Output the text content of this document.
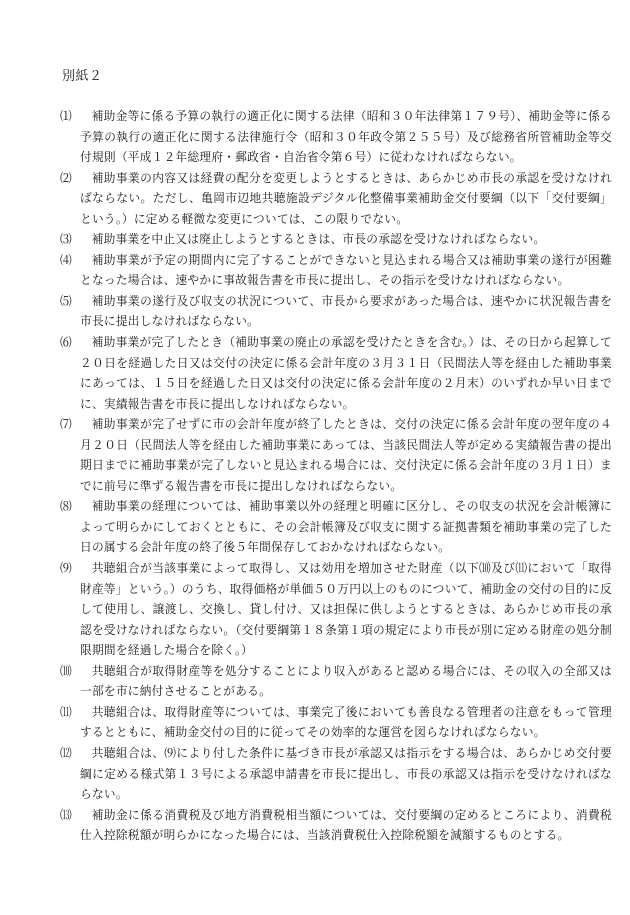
別紙２
⑴	補助金等に係る予算の執行の適正化に関する法律（昭和３０年法律第１７９号）、補助金等に係る予算の執行の適正化に関する法律施行令（昭和３０年政令第２５５号）及び総務省所管補助金等交付規則（平成１２年総理府・郵政省・自治省令第６号）に従わなければならない。
⑵	補助事業の内容又は経費の配分を変更しようとするときは、あらかじめ市長の承認を受けなければならない。ただし、亀岡市辺地共聴施設デジタル化整備事業補助金交付要綱（以下「交付要綱」という。）に定める軽微な変更については、この限りでない。
⑶	補助事業を中止又は廃止しようとするときは、市長の承認を受けなければならない。
⑷	補助事業が予定の期間内に完了することができないと見込まれる場合又は補助事業の遂行が困難となった場合は、速やかに事故報告書を市長に提出し、その指示を受けなければならない。
⑸	補助事業の遂行及び収支の状況について、市長から要求があった場合は、速やかに状況報告書を市長に提出しなければならない。
⑹	補助事業が完了したとき（補助事業の廃止の承認を受けたときを含む。）は、その日から起算して２０日を経過した日又は交付の決定に係る会計年度の３月３１日（民間法人等を経由した補助事業にあっては、１５日を経過した日又は交付の決定に係る会計年度の２月末）のいずれか早い日までに、実績報告書を市長に提出しなければならない。
⑺	補助事業が完了せずに市の会計年度が終了したときは、交付の決定に係る会計年度の翌年度の４月２０日（民間法人等を経由した補助事業にあっては、当該民間法人等が定める実績報告書の提出期日までに補助事業が完了しないと見込まれる場合には、交付決定に係る会計年度の３月１日）までに前号に準ずる報告書を市長に提出しなければならない。
⑻	補助事業の経理については、補助事業以外の経理と明確に区分し、その収支の状況を会計帳簿によって明らかにしておくとともに、その会計帳簿及び収支に関する証拠書類を補助事業の完了した日の属する会計年度の終了後５年間保存しておかなければならない。
⑼	共聴組合が当該事業によって取得し、又は効用を増加させた財産（以下⑽及び⑾において「取得財産等」という。）のうち、取得価格が単価５０万円以上のものについて、補助金の交付の目的に反して使用し、譲渡し、交換し、貸し付け、又は担保に供しようとするときは、あらかじめ市長の承認を受けなければならない。（交付要綱第１８条第１項の規定により市長が別に定める財産の処分制限期間を経過した場合を除く。）
⑽	共聴組合が取得財産等を処分することにより収入があると認める場合には、その収入の全部又は一部を市に納付させることがある。
⑾	共聴組合は、取得財産等については、事業完了後においても善良なる管理者の注意をもって管理するとともに、補助金交付の目的に従ってその効率的な運営を図らなければならない。
⑿	共聴組合は、⑼により付した条件に基づき市長が承認又は指示をする場合は、あらかじめ交付要綱に定める様式第１３号による承認申請書を市長に提出し、市長の承認又は指示を受けなければならない。
⒀	補助金に係る消費税及び地方消費税相当額については、交付要綱の定めるところにより、消費税仕入控除税額が明らかになった場合には、当該消費税仕入控除税額を減額するものとする。
